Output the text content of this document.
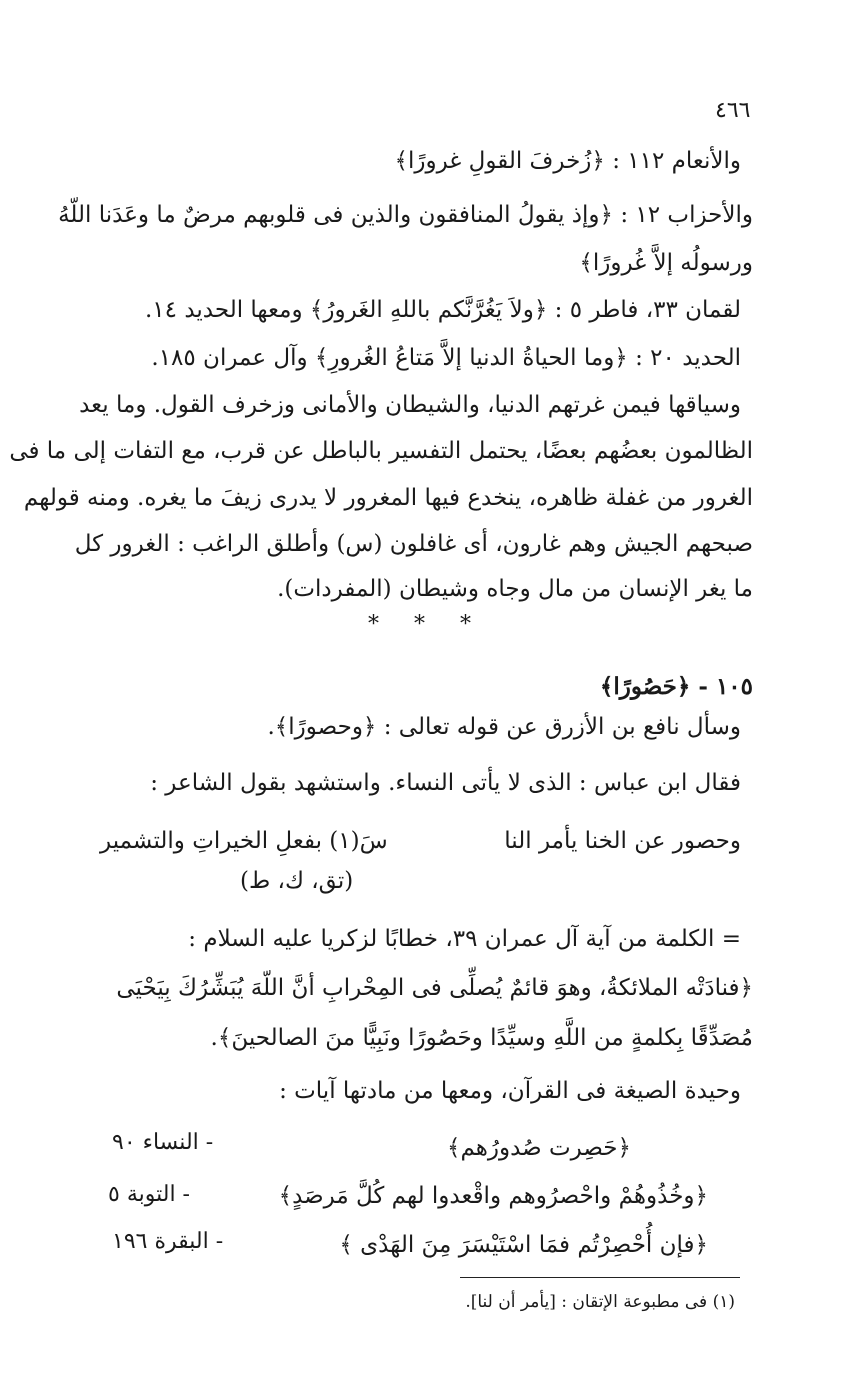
٤٦٦
والأنعام ١١٢ : ﴿زُخرفَ القولِ غرورًا﴾
والأحزاب ١٢ : ﴿وإذ يقولُ المنافقون والذين فى قلوبهم مرضٌ ما وعَدَنا اللّهُ
ورسولُه إلاَّ غُرورًا﴾
لقمان ٣٣، فاطر ٥ : ﴿ولاَ يَغُرَّنَّكم باللهِ الغَرورُ﴾ ومعها الحديد ١٤.
الحديد ٢٠ : ﴿وما الحياةُ الدنيا إلاَّ مَتاعُ الغُرورِ﴾ وآل عمران ١٨٥.
وسياقها فيمن غرتهم الدنيا، والشيطان والأمانى وزخرف القول. وما يعد
الظالمون بعضُهم بعضًا، يحتمل التفسير بالباطل عن قرب، مع التفات إلى ما فى
الغرور من غفلة ظاهره، ينخدع فيها المغرور لا يدرى زيفَ ما يغره. ومنه قولهم
صبحهم الجيش وهم غارون، أى غافلون (س) وأطلق الراغب : الغرور كل
ما يغر الإنسان من مال وجاه وشيطان (المفردات).
* * *
١٠٥ - ﴿حَصُورًا﴾
وسأل نافع بن الأزرق عن قوله تعالى : ﴿وحصورًا﴾.
فقال ابن عباس : الذى لا يأتى النساء. واستشهد بقول الشاعر :
وحصور عن الخنا يأمر النا
سَ(١) بفعلِ الخيراتِ والتشمير
(تق، ك، ط)
= الكلمة من آية آل عمران ٣٩، خطابًا لزكريا عليه السلام :
﴿فنادَتْه الملائكةُ، وهوَ قائمٌ يُصلِّى فى المِحْرابِ أنَّ اللّهَ يُبَشِّرُكَ بِيَحْيَى
مُصَدِّقًا بِكلمةٍ من اللَّهِ وسيِّدًا وحَصُورًا ونَبِيًّا منَ الصالحينَ﴾.
وحيدة الصيغة فى القرآن، ومعها من مادتها آيات :
﴿حَصِرت صُدورُهم﴾
- النساء ٩٠
﴿وخُذُوهُمْ واحْصرُوهم واقْعدوا لهم كُلَّ مَرصَدٍ﴾
- التوبة ٥
﴿فإن أُحْصِرْتُم فمَا اسْتَيْسَرَ مِنَ الهَدْى ﴾
- البقرة ١٩٦
(١) فى مطبوعة الإتقان : [يأمر أن لنا].
